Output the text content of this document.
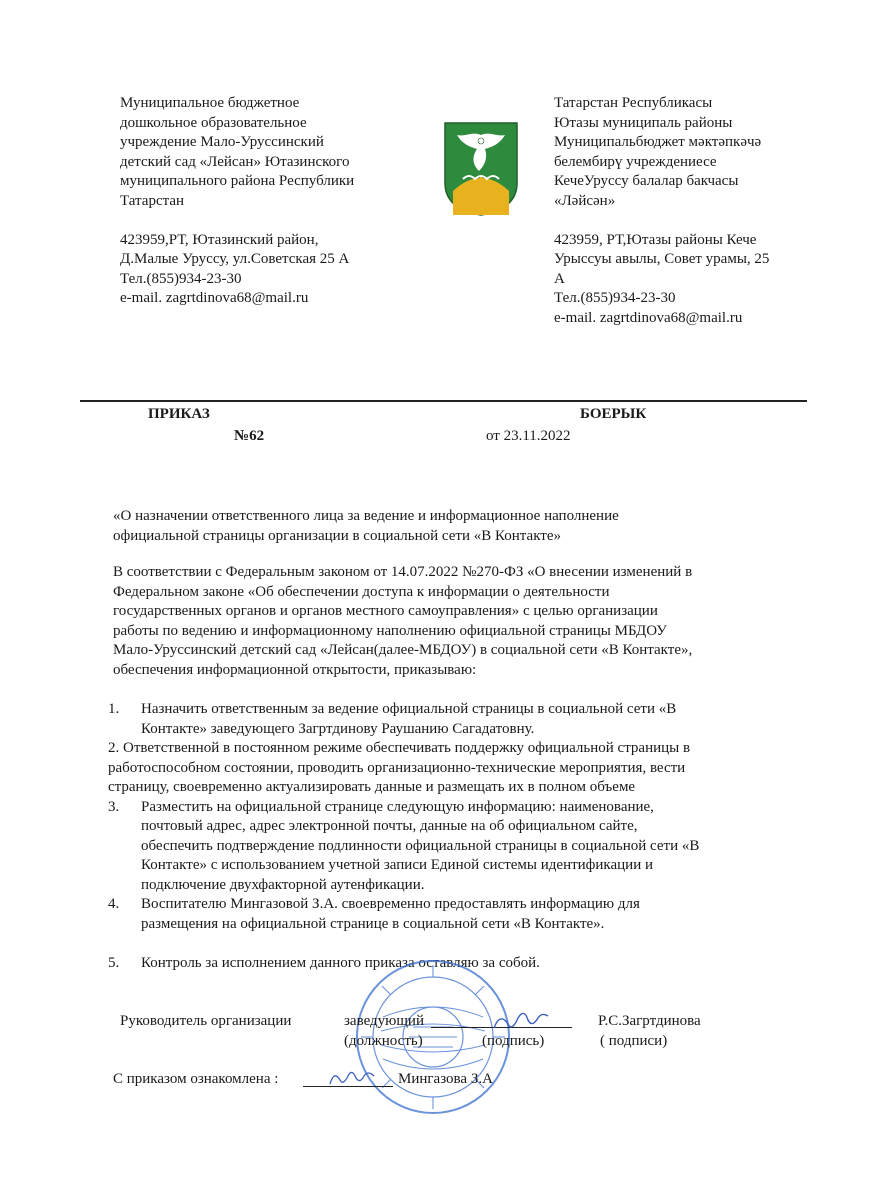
Муниципальное бюджетное

дошкольное образовательное

учреждение Мало-Уруссинский

детский сад «Лейсан» Ютазинского

муниципального района Республики

Татарстан

423959,РТ, Ютазинский район,

Д.Малые Уруссу, ул.Советская 25 А

Тел.(855)934-23-30

e-mail. zagrtdinova68@mail.ru

Татарстан Республикасы

Ютазы муниципаль районы

Муниципальбюджет мәктәпкәчә

белембирү учреждениесе

КечеУруссу балалар бакчасы

«Ләйсән»

423959, РТ,Ютазы районы Кече

Урыссуы авылы, Совет урамы, 25

А

Тел.(855)934-23-30

e-mail. zagrtdinova68@mail.ru

ПРИКАЗ	БОЕРЫК
№62	от 23.11.2022
«О назначении ответственного лица за ведение и информационное наполнение
официальной страницы организации в социальной сети «В Контакте»
В соответствии с Федеральным законом от 14.07.2022 №270-ФЗ «О внесении изменений в
Федеральном законе «Об обеспечении доступа к информации о деятельности
государственных органов и органов местного самоуправления» с целью организации
работы по ведению и информационному наполнению официальной страницы МБДОУ
Мало-Уруссинский детский сад «Лейсан(далее-МБДОУ) в социальной сети «В Контакте»,
обеспечения информационной открытости, приказываю:
1. Назначить ответственным за ведение официальной страницы в социальной сети «В
Контакте» заведующего Загртдинову Раушанию Сагадатовну.
2. Ответственной в постоянном режиме обеспечивать поддержку официальной страницы в
работоспособном состоянии, проводить организационно-технические мероприятия, вести
страницу, своевременно актуализировать данные и размещать их в полном объеме
3. Разместить на официальной странице следующую информацию: наименование,
почтовый адрес, адрес электронной почты, данные на об официальном сайте,
обеспечить подтверждение подлинности официальной страницы в социальной сети «В
Контакте» с использованием учетной записи Единой системы идентификации и
подключение двухфакторной аутенфикации.
4. Воспитателю Мингазовой З.А. своевременно предоставлять информацию для
размещения на официальной странице в социальной сети «В Контакте».
5. Контроль за исполнением данного приказа оставляю за собой.
Руководитель организации	заведующий
(должность)	(подпись)
Р.С.Загртдинова
( подписи)
С приказом ознакомлена :	Мингазова З.А
